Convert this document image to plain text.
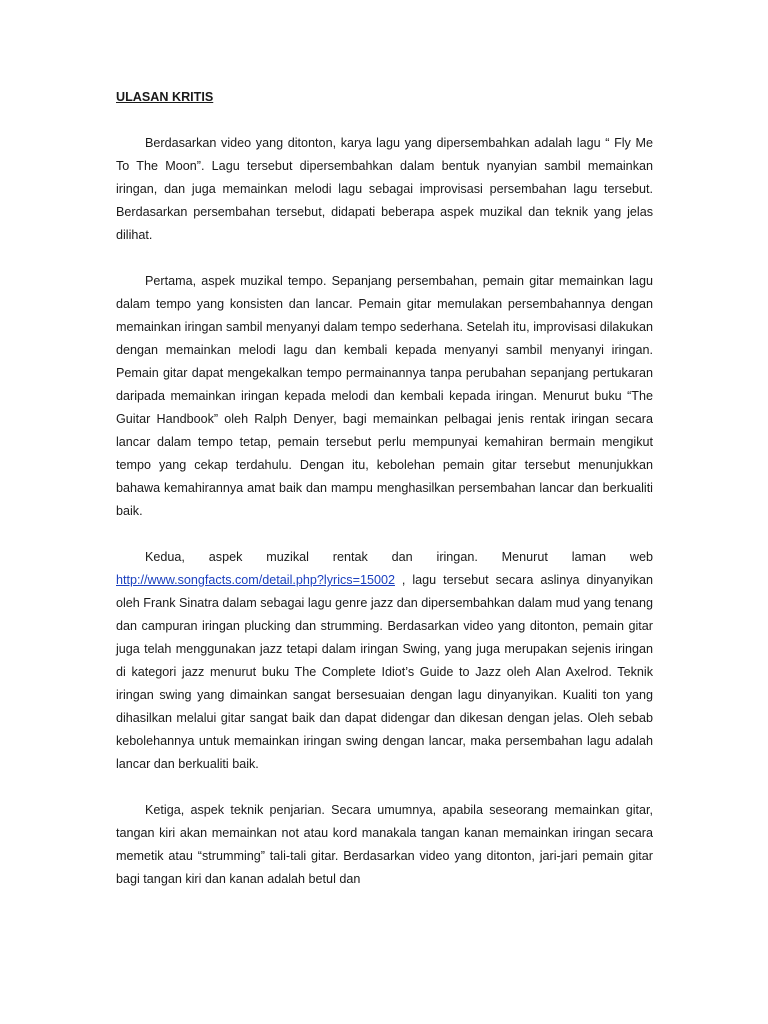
ULASAN KRITIS

Berdasarkan video yang ditonton, karya lagu yang dipersembahkan adalah lagu “ Fly Me To The Moon”. Lagu tersebut dipersembahkan dalam bentuk nyanyian sambil memainkan iringan, dan juga memainkan melodi lagu sebagai improvisasi persembahan lagu tersebut. Berdasarkan persembahan tersebut, didapati beberapa aspek muzikal dan teknik yang jelas dilihat.

Pertama, aspek muzikal tempo. Sepanjang persembahan, pemain gitar memainkan lagu dalam tempo yang konsisten dan lancar. Pemain gitar memulakan persembahannya dengan memainkan iringan sambil menyanyi dalam tempo sederhana. Setelah itu, improvisasi dilakukan dengan memainkan melodi lagu dan kembali kepada menyanyi sambil menyanyi iringan. Pemain gitar dapat mengekalkan tempo permainannya tanpa perubahan sepanjang pertukaran daripada memainkan iringan kepada melodi dan kembali kepada iringan. Menurut buku “The Guitar Handbook” oleh Ralph Denyer, bagi memainkan pelbagai jenis rentak iringan secara lancar dalam tempo tetap, pemain tersebut perlu mempunyai kemahiran bermain mengikut tempo yang cekap terdahulu. Dengan itu, kebolehan pemain gitar tersebut menunjukkan bahawa kemahirannya amat baik dan mampu menghasilkan persembahan lancar dan berkualiti baik.

Kedua, aspek muzikal rentak dan iringan. Menurut laman web http://www.songfacts.com/detail.php?lyrics=15002 , lagu tersebut secara aslinya dinyanyikan oleh Frank Sinatra dalam sebagai lagu genre jazz dan dipersembahkan dalam mud yang tenang dan campuran iringan plucking dan strumming. Berdasarkan video yang ditonton, pemain gitar juga telah menggunakan jazz tetapi dalam iringan Swing, yang juga merupakan sejenis iringan di kategori jazz menurut buku The Complete Idiot’s Guide to Jazz oleh Alan Axelrod. Teknik iringan swing yang dimainkan sangat bersesuaian dengan lagu dinyanyikan. Kualiti ton yang dihasilkan melalui gitar sangat baik dan dapat didengar dan dikesan dengan jelas. Oleh sebab kebolehannya untuk memainkan iringan swing dengan lancar, maka persembahan lagu adalah lancar dan berkualiti baik.

Ketiga, aspek teknik penjarian. Secara umumnya, apabila seseorang memainkan gitar, tangan kiri akan memainkan not atau kord manakala tangan kanan memainkan iringan secara memetik atau “strumming” tali-tali gitar. Berdasarkan video yang ditonton, jari-jari pemain gitar bagi tangan kiri dan kanan adalah betul dan
